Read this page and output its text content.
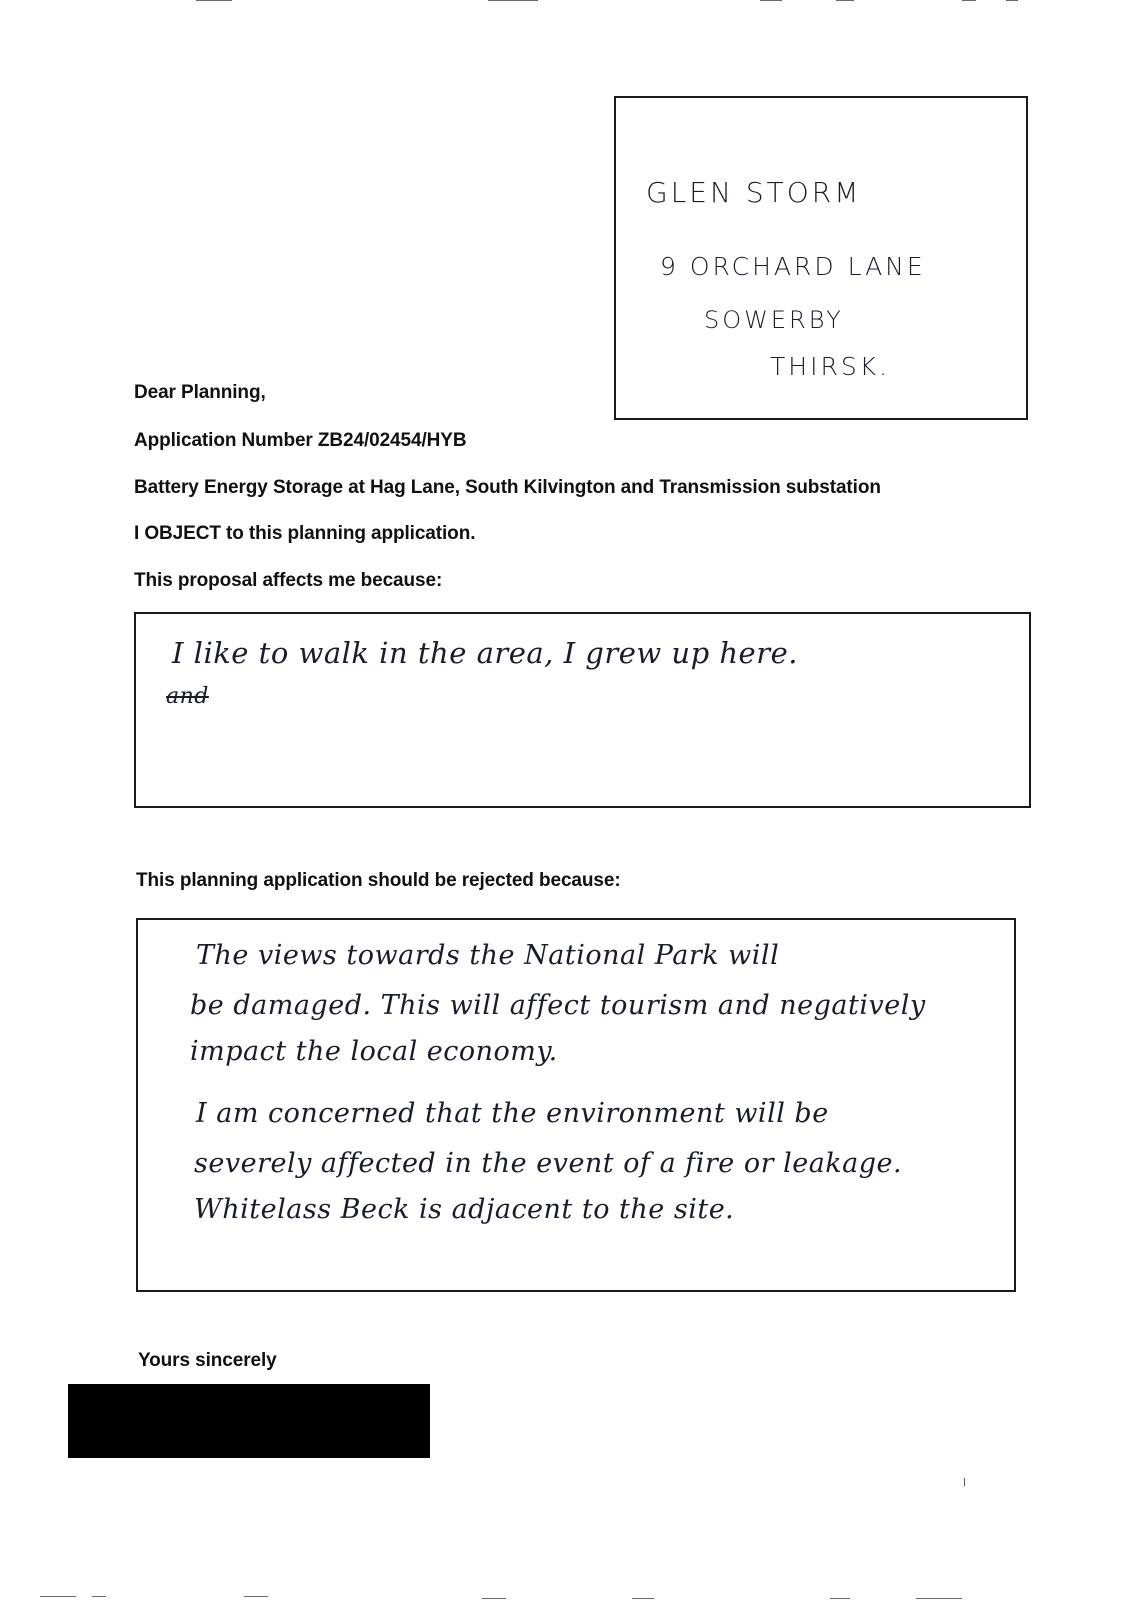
GLEN STORM
9 ORCHARD LANE
SOWERBY
THIRSK.
Dear Planning,
Application Number ZB24/02454/HYB
Battery Energy Storage at Hag Lane, South Kilvington and Transmission substation
I OBJECT to this planning application.
This proposal affects me because:
I like to walk in the area, I grew up here.
and
This planning application should be rejected because:
The views towards the National Park will
be damaged. This will affect tourism and negatively
impact the local economy.
I am concerned that the environment will be
severely affected in the event of a fire or leakage.
Whitelass Beck is adjacent to the site.
Yours sincerely
